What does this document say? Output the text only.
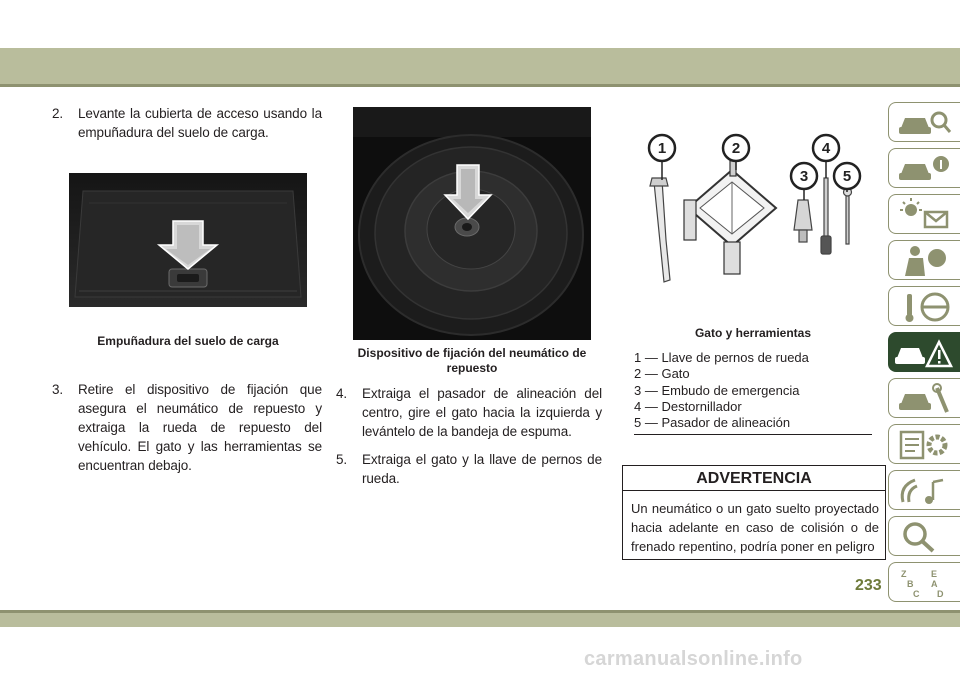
2.	Levante la cubierta de acceso usando la empuñadura del suelo de carga.
Empuñadura del suelo de carga
3.	Retire el dispositivo de fijación que asegura el neumático de repuesto y extraiga la rueda de repuesto del vehículo. El gato y las herramientas se encuentran debajo.
Dispositivo de fijación del neumático de
repuesto
4.	Extraiga el pasador de alineación del centro, gire el gato hacia la izquierda y levántelo de la bandeja de espuma.
5.	Extraiga el gato y la llave de pernos de rueda.
1	2
3
4
5
Gato y herramientas
1 — Llave de pernos de rueda
2 — Gato
3 — Embudo de emergencia
4 — Destornillador
5 — Pasador de alineación
ADVERTENCIA
Un neumático o un gato suelto proyectado hacia adelante en caso de colisión o de frenado repentino, podría poner en peligro
Z	E
B A
C D
233
carmanualsonline.info
